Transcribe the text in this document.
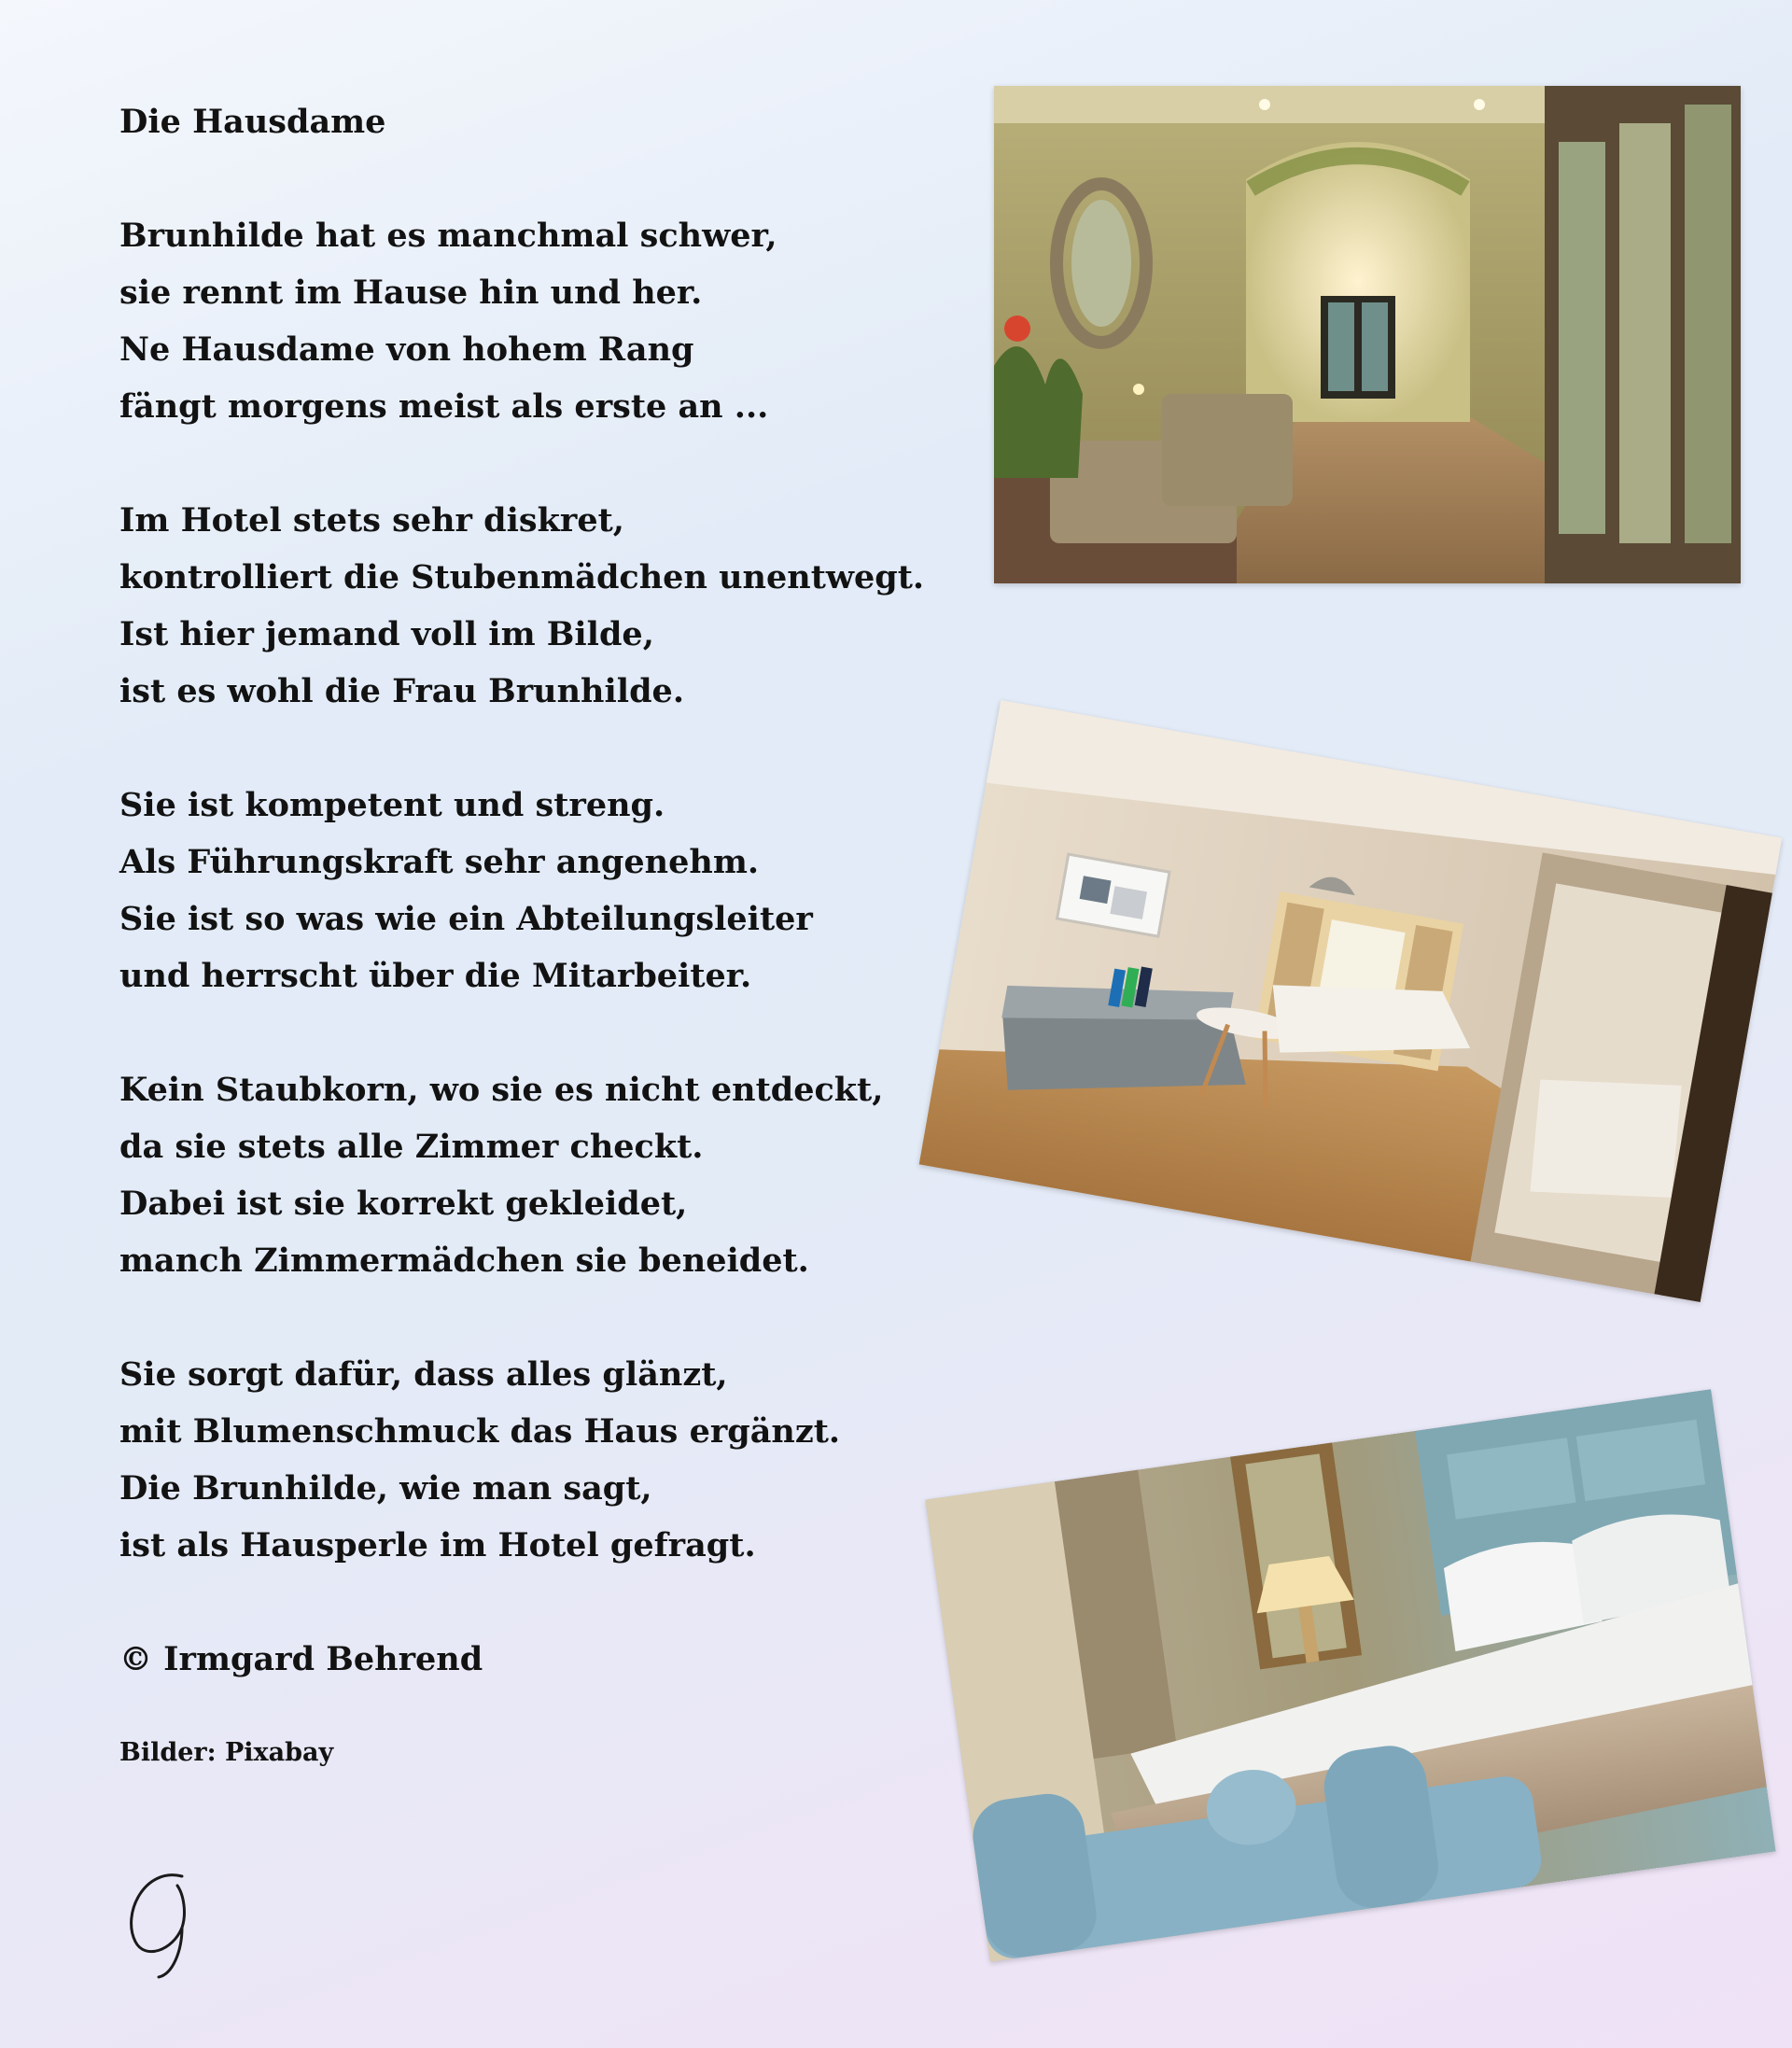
Die Hausdame
Brunhilde hat es manchmal schwer,
sie rennt im Hause hin und her.
Ne Hausdame von hohem Rang
fängt morgens meist als erste an ...
Im Hotel stets sehr diskret,
kontrolliert die Stubenmädchen unentwegt.
Ist hier jemand voll im Bilde,
ist es wohl die Frau Brunhilde.
Sie ist kompetent und streng.
Als Führungskraft sehr angenehm.
Sie ist so was wie ein Abteilungsleiter
und herrscht über die Mitarbeiter.
Kein Staubkorn, wo sie es nicht entdeckt,
da sie stets alle Zimmer checkt.
Dabei ist sie korrekt gekleidet,
manch Zimmermädchen sie beneidet.
Sie sorgt dafür, dass alles glänzt,
mit Blumenschmuck das Haus ergänzt.
Die Brunhilde, wie man sagt,
ist als Hausperle im Hotel gefragt.
© Irmgard Behrend
Bilder: Pixabay
